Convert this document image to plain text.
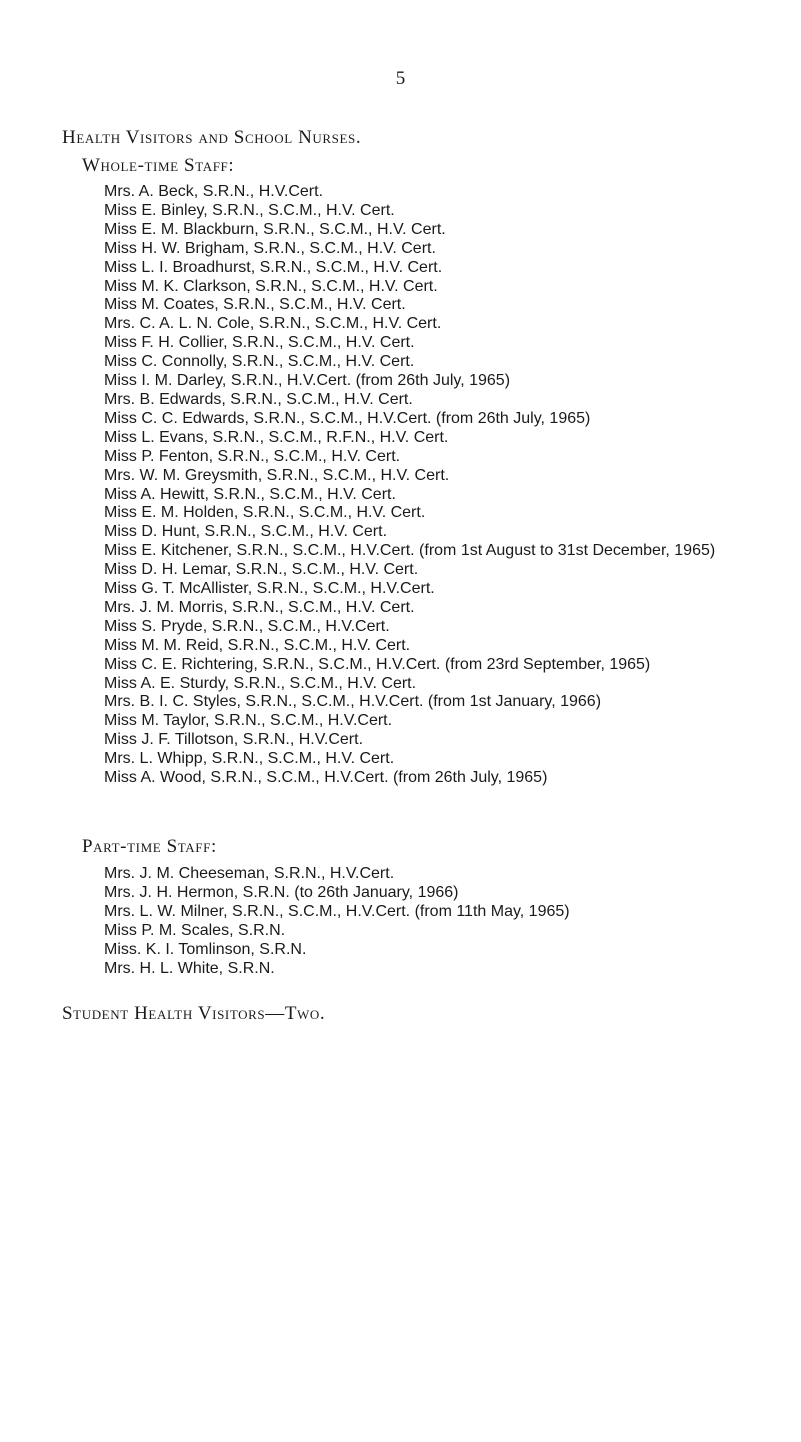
5
Health Visitors and School Nurses.
Whole-time Staff:
Mrs. A. Beck, S.R.N., H.V.Cert.
Miss E. Binley, S.R.N., S.C.M., H.V. Cert.
Miss E. M. Blackburn, S.R.N., S.C.M., H.V. Cert.
Miss H. W. Brigham, S.R.N., S.C.M., H.V. Cert.
Miss L. I. Broadhurst, S.R.N., S.C.M., H.V. Cert.
Miss M. K. Clarkson, S.R.N., S.C.M., H.V. Cert.
Miss M. Coates, S.R.N., S.C.M., H.V. Cert.
Mrs. C. A. L. N. Cole, S.R.N., S.C.M., H.V. Cert.
Miss F. H. Collier, S.R.N., S.C.M., H.V. Cert.
Miss C. Connolly, S.R.N., S.C.M., H.V. Cert.
Miss I. M. Darley, S.R.N., H.V.Cert. (from 26th July, 1965)
Mrs. B. Edwards, S.R.N., S.C.M., H.V. Cert.
Miss C. C. Edwards, S.R.N., S.C.M., H.V.Cert. (from 26th July, 1965)
Miss L. Evans, S.R.N., S.C.M., R.F.N., H.V. Cert.
Miss P. Fenton, S.R.N., S.C.M., H.V. Cert.
Mrs. W. M. Greysmith, S.R.N., S.C.M., H.V. Cert.
Miss A. Hewitt, S.R.N., S.C.M., H.V. Cert.
Miss E. M. Holden, S.R.N., S.C.M., H.V. Cert.
Miss D. Hunt, S.R.N., S.C.M., H.V. Cert.
Miss E. Kitchener, S.R.N., S.C.M., H.V.Cert. (from 1st August to 31st December, 1965)
Miss D. H. Lemar, S.R.N., S.C.M., H.V. Cert.
Miss G. T. McAllister, S.R.N., S.C.M., H.V.Cert.
Mrs. J. M. Morris, S.R.N., S.C.M., H.V. Cert.
Miss S. Pryde, S.R.N., S.C.M., H.V.Cert.
Miss M. M. Reid, S.R.N., S.C.M., H.V. Cert.
Miss C. E. Richtering, S.R.N., S.C.M., H.V.Cert. (from 23rd September, 1965)
Miss A. E. Sturdy, S.R.N., S.C.M., H.V. Cert.
Mrs. B. I. C. Styles, S.R.N., S.C.M., H.V.Cert. (from 1st January, 1966)
Miss M. Taylor, S.R.N., S.C.M., H.V.Cert.
Miss J. F. Tillotson, S.R.N., H.V.Cert.
Mrs. L. Whipp, S.R.N., S.C.M., H.V. Cert.
Miss A. Wood, S.R.N., S.C.M., H.V.Cert. (from 26th July, 1965)
Part-time Staff:
Mrs. J. M. Cheeseman, S.R.N., H.V.Cert.
Mrs. J. H. Hermon, S.R.N. (to 26th January, 1966)
Mrs. L. W. Milner, S.R.N., S.C.M., H.V.Cert. (from 11th May, 1965)
Miss P. M. Scales, S.R.N.
Miss. K. I. Tomlinson, S.R.N.
Mrs. H. L. White, S.R.N.
Student Health Visitors—Two.
